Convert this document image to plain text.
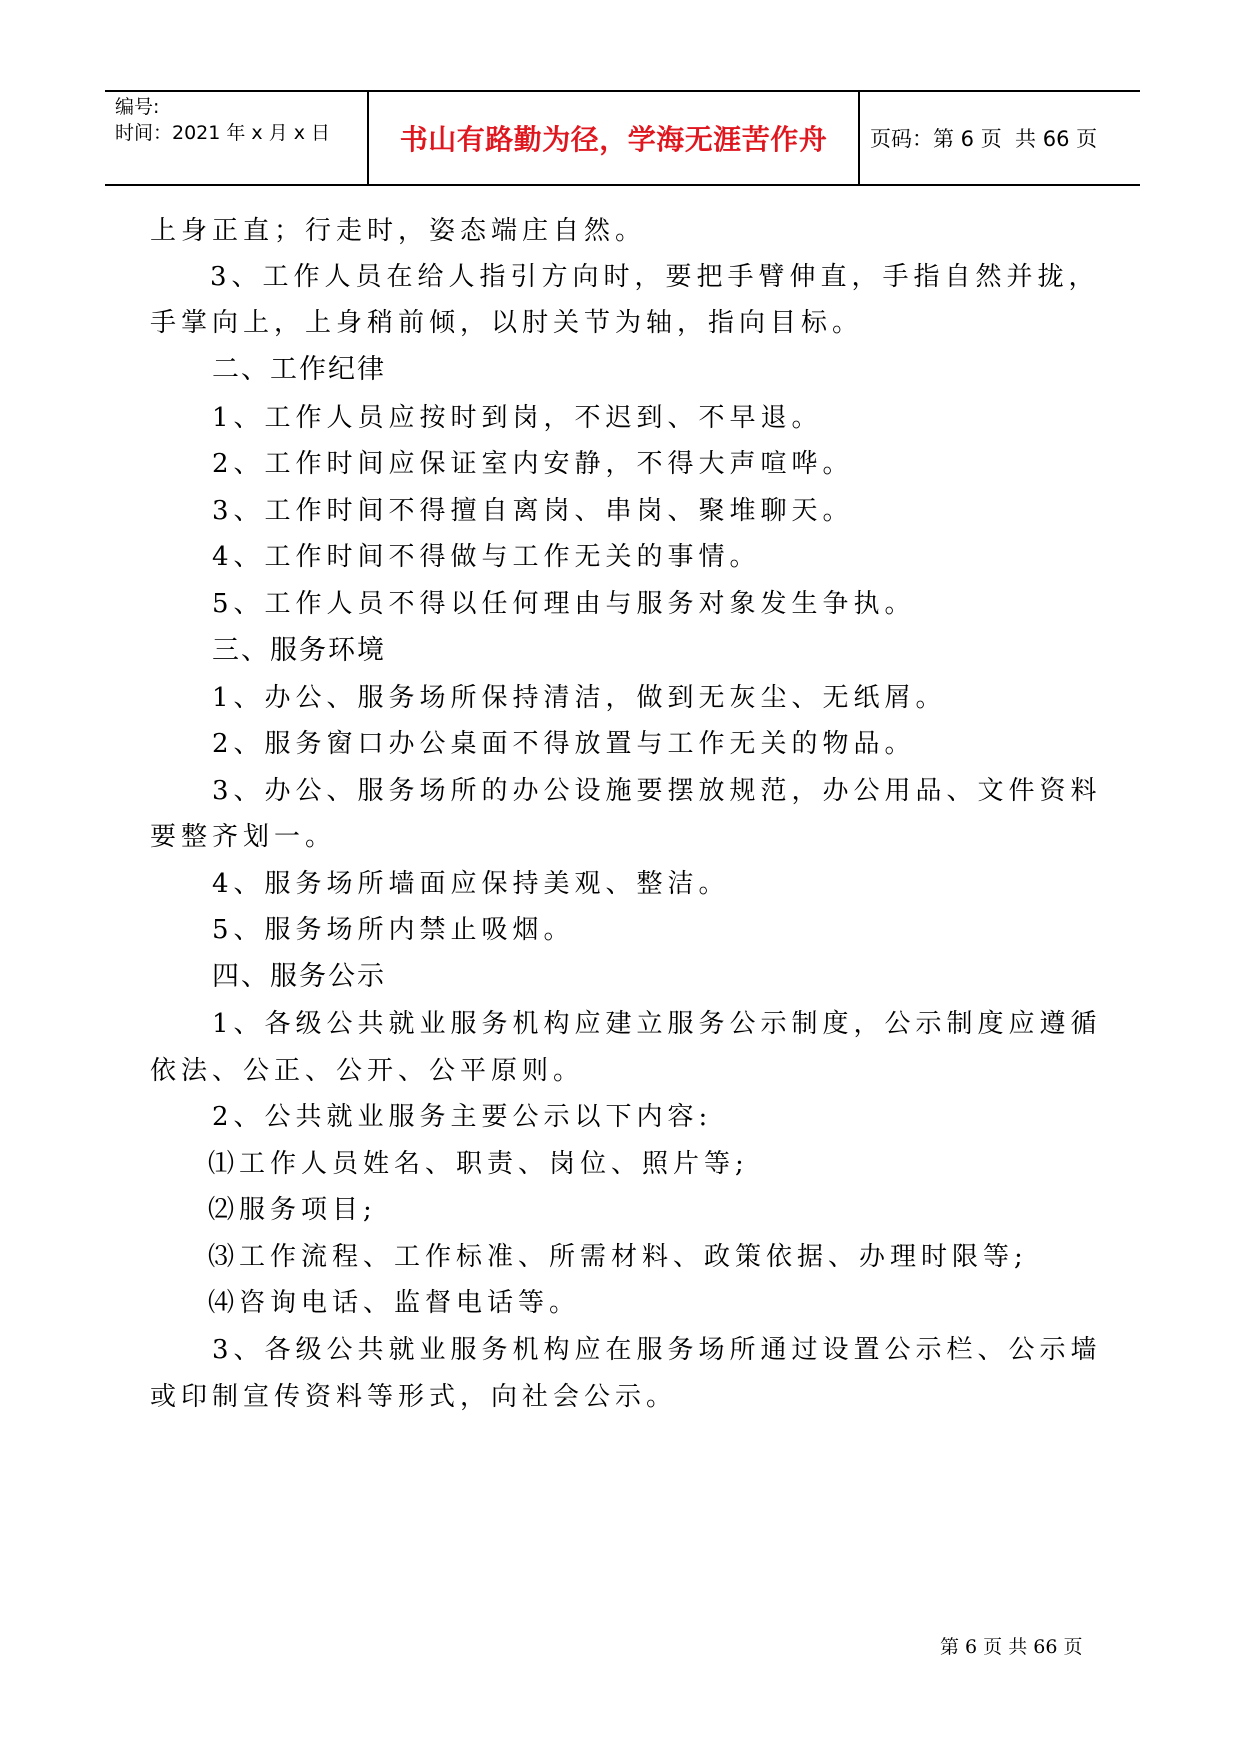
编号:
时间：2021 年 x 月 x 日	书山有路勤为径，学海无涯苦作舟	页码：第 6 页  共 66 页
上身正直；行走时，姿态端庄自然。
3、工作人员在给人指引方向时，要把手臂伸直，手指自然并拢，
手掌向上，上身稍前倾，以肘关节为轴，指向目标。
二、工作纪律
1、工作人员应按时到岗，不迟到、不早退。
2、工作时间应保证室内安静，不得大声喧哗。
3、工作时间不得擅自离岗、串岗、聚堆聊天。
4、工作时间不得做与工作无关的事情。
5、工作人员不得以任何理由与服务对象发生争执。
三、服务环境
1、办公、服务场所保持清洁，做到无灰尘、无纸屑。
2、服务窗口办公桌面不得放置与工作无关的物品。
3、办公、服务场所的办公设施要摆放规范，办公用品、文件资料
要整齐划一。
4、服务场所墙面应保持美观、整洁。
5、服务场所内禁止吸烟。
四、服务公示
1、各级公共就业服务机构应建立服务公示制度，公示制度应遵循
依法、公正、公开、公平原则。
2、公共就业服务主要公示以下内容:
⑴工作人员姓名、职责、岗位、照片等;
⑵服务项目;
⑶工作流程、工作标准、所需材料、政策依据、办理时限等;
⑷咨询电话、监督电话等。
3、各级公共就业服务机构应在服务场所通过设置公示栏、公示墙
或印制宣传资料等形式，向社会公示。
第 6 页 共 66 页
